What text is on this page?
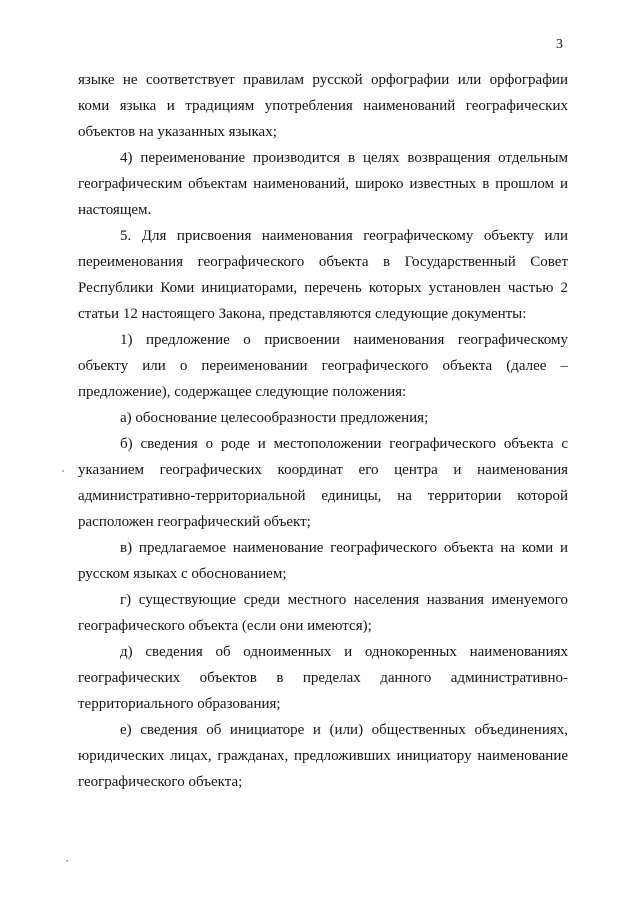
3
языке не соответствует правилам русской орфографии или орфографии
коми языка и традициям употребления наименований географических
объектов на указанных языках;
4) переименование производится в целях возвращения отдельным
географическим объектам наименований, широко известных в прошлом и
настоящем.
5. Для присвоения наименования географическому объекту или
переименования географического объекта в Государственный Совет
Республики Коми инициаторами, перечень которых установлен частью 2
статьи 12 настоящего Закона, представляются следующие документы:
1) предложение о присвоении наименования географическому
объекту или о переименовании географического объекта (далее –
предложение), содержащее следующие положения:
а) обоснование целесообразности предложения;
б) сведения о роде и местоположении географического объекта с
указанием географических координат его центра и наименования
административно-территориальной единицы, на территории которой
расположен географический объект;
в) предлагаемое наименование географического объекта на коми и
русском языках с обоснованием;
г) существующие среди местного населения названия именуемого
географического объекта (если они имеются);
д) сведения об одноименных и однокоренных наименованиях
географических объектов в пределах данного административно-
территориального образования;
е) сведения об инициаторе и (или) общественных объединениях,
юридических лицах, гражданах, предложивших инициатору наименование
географического объекта;
